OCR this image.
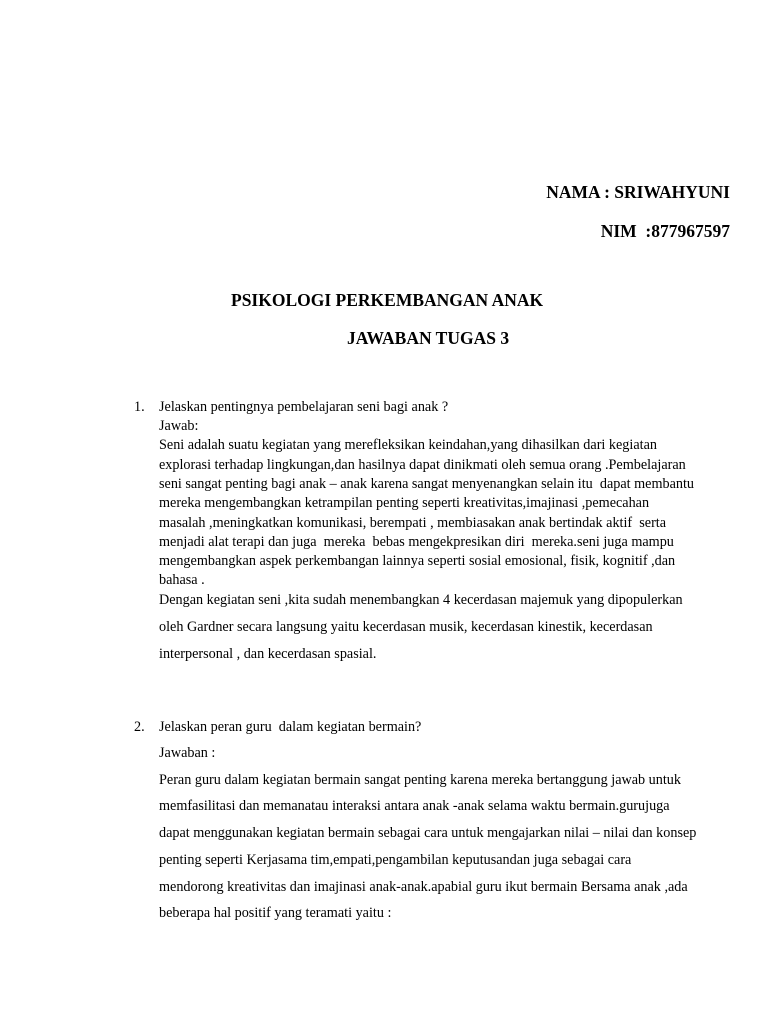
NAMA : SRIWAHYUNI
NIM  :877967597
PSIKOLOGI PERKEMBANGAN ANAK
JAWABAN TUGAS 3
1. Jelaskan pentingnya pembelajaran seni bagi anak ?
Jawab:
Seni adalah suatu kegiatan yang merefleksikan keindahan,yang dihasilkan dari kegiatan
explorasi terhadap lingkungan,dan hasilnya dapat dinikmati oleh semua orang .Pembelajaran
seni sangat penting bagi anak – anak karena sangat menyenangkan selain itu  dapat membantu
mereka mengembangkan ketrampilan penting seperti kreativitas,imajinasi ,pemecahan
masalah ,meningkatkan komunikasi, berempati , membiasakan anak bertindak aktif  serta
menjadi alat terapi dan juga  mereka  bebas mengekpresikan diri  mereka.seni juga mampu
mengembangkan aspek perkembangan lainnya seperti sosial emosional, fisik, kognitif ,dan
bahasa .
Dengan kegiatan seni ,kita sudah menembangkan 4 kecerdasan majemuk yang dipopulerkan
oleh Gardner secara langsung yaitu kecerdasan musik, kecerdasan kinestik, kecerdasan
interpersonal , dan kecerdasan spasial.
2. Jelaskan peran guru  dalam kegiatan bermain?
Jawaban :
Peran guru dalam kegiatan bermain sangat penting karena mereka bertanggung jawab untuk
memfasilitasi dan memanatau interaksi antara anak -anak selama waktu bermain.gurujuga
dapat menggunakan kegiatan bermain sebagai cara untuk mengajarkan nilai – nilai dan konsep
penting seperti Kerjasama tim,empati,pengambilan keputusandan juga sebagai cara
mendorong kreativitas dan imajinasi anak-anak.apabial guru ikut bermain Bersama anak ,ada
beberapa hal positif yang teramati yaitu :
